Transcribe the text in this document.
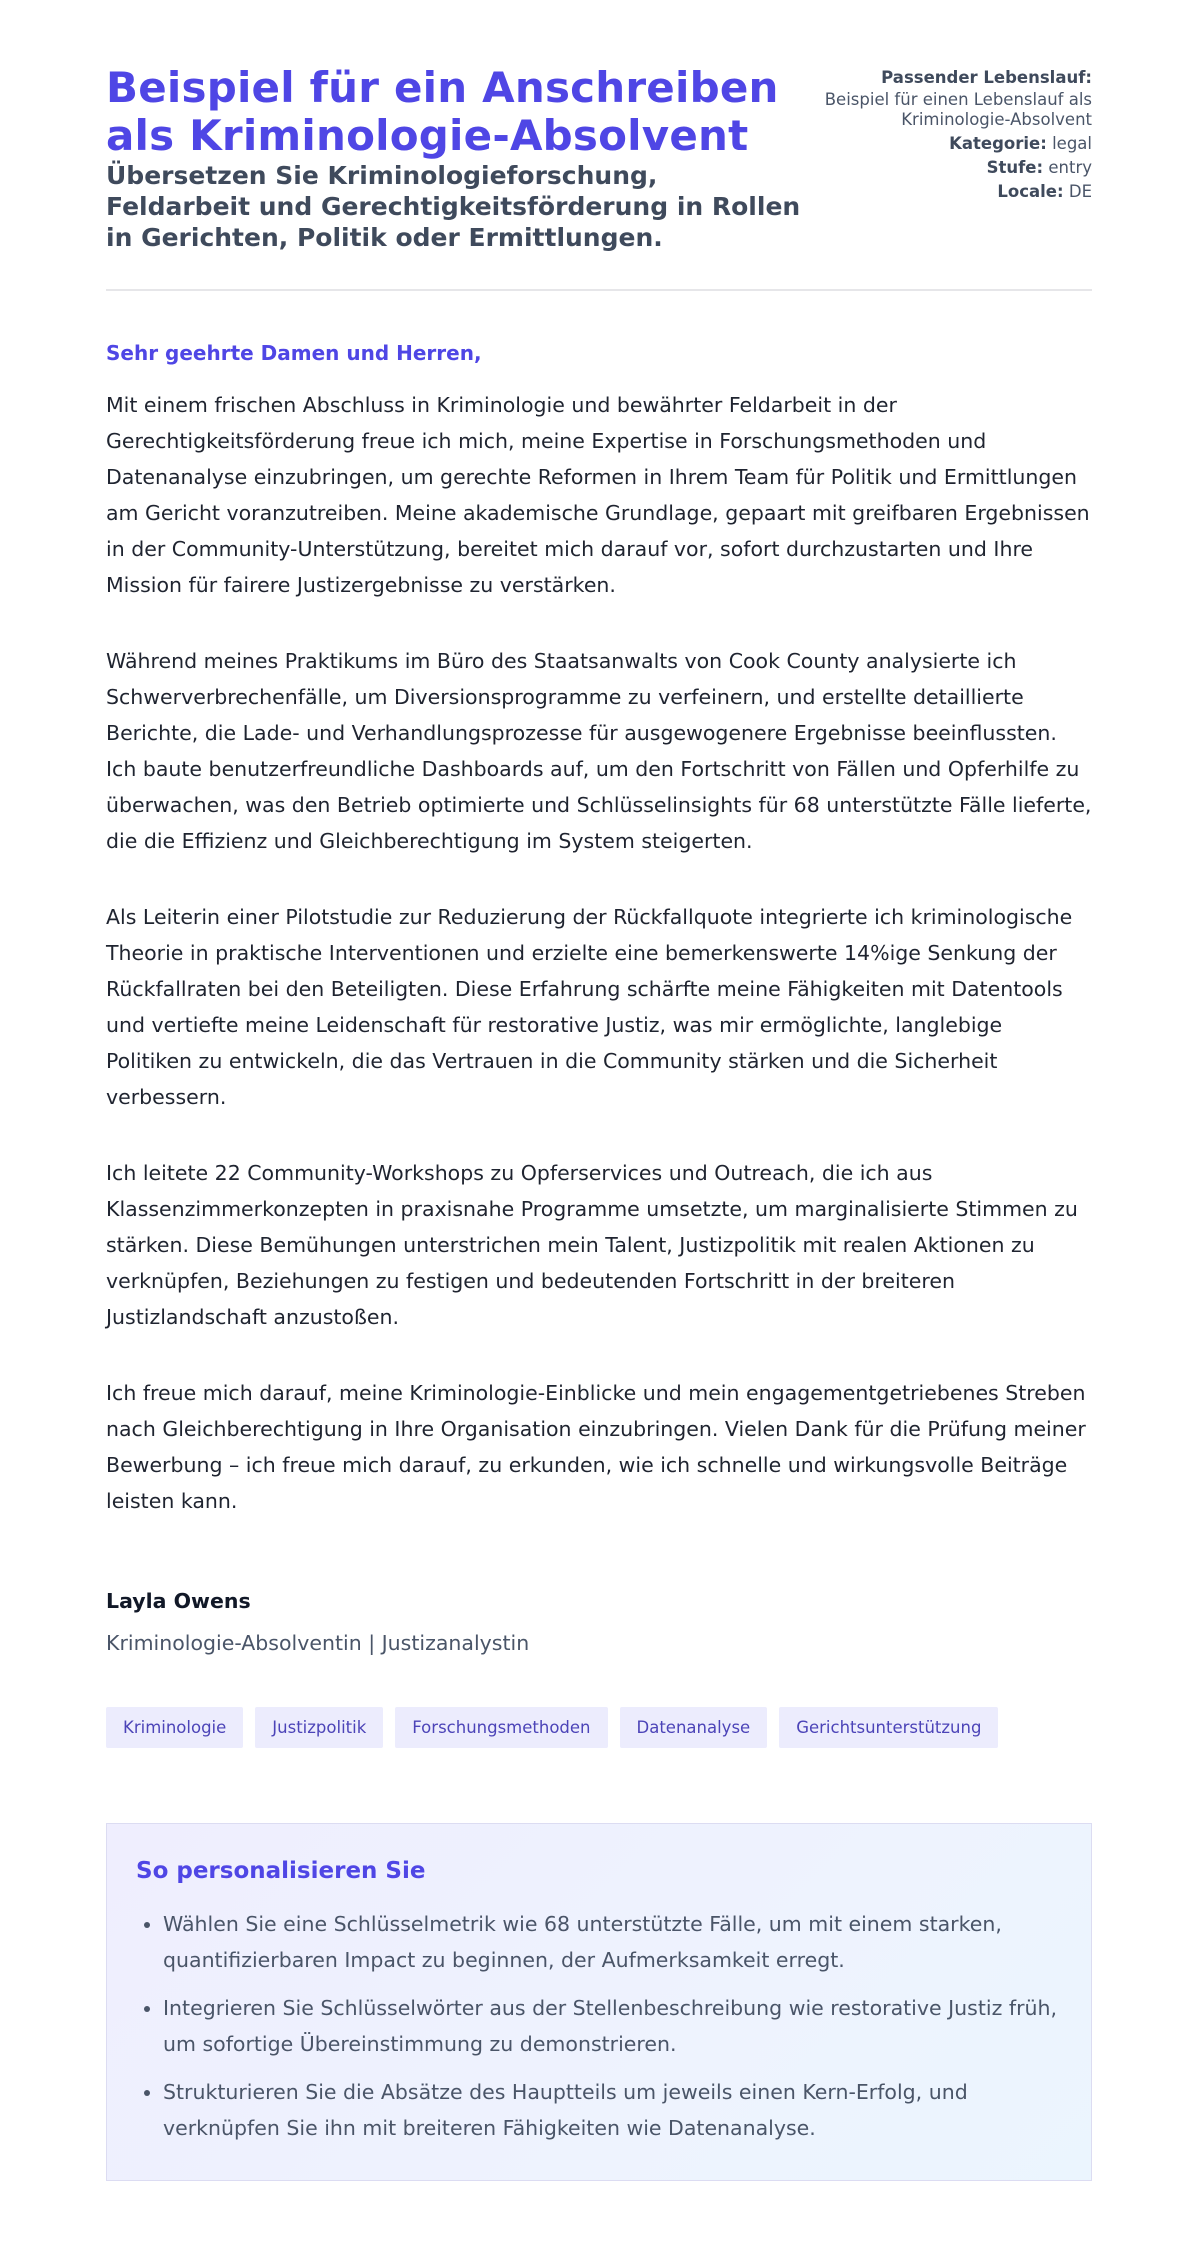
Beispiel für ein Anschreiben als Kriminologie-Absolvent

Übersetzen Sie Kriminologieforschung, Feldarbeit und Gerechtigkeitsförderung in Rollen in Gerichten, Politik oder Ermittlungen.

Passender Lebenslauf:
Beispiel für einen Lebenslauf als Kriminologie-Absolvent
Kategorie: legal
Stufe: entry
Locale: DE

Sehr geehrte Damen und Herren,

Mit einem frischen Abschluss in Kriminologie und bewährter Feldarbeit in der Gerechtigkeitsförderung freue ich mich, meine Expertise in Forschungsmethoden und Datenanalyse einzubringen, um gerechte Reformen in Ihrem Team für Politik und Ermittlungen am Gericht voranzutreiben. Meine akademische Grundlage, gepaart mit greifbaren Ergebnissen in der Community-Unterstützung, bereitet mich darauf vor, sofort durchzustarten und Ihre Mission für fairere Justizergebnisse zu verstärken.

Während meines Praktikums im Büro des Staatsanwalts von Cook County analysierte ich Schwerverbrechenfälle, um Diversionsprogramme zu verfeinern, und erstellte detaillierte Berichte, die Lade- und Verhandlungsprozesse für ausgewogenere Ergebnisse beeinflussten. Ich baute benutzerfreundliche Dashboards auf, um den Fortschritt von Fällen und Opferhilfe zu überwachen, was den Betrieb optimierte und Schlüsselinsights für 68 unterstützte Fälle lieferte, die die Effizienz und Gleichberechtigung im System steigerten.

Als Leiterin einer Pilotstudie zur Reduzierung der Rückfallquote integrierte ich kriminologische Theorie in praktische Interventionen und erzielte eine bemerkenswerte 14%ige Senkung der Rückfallraten bei den Beteiligten. Diese Erfahrung schärfte meine Fähigkeiten mit Datentools und vertiefte meine Leidenschaft für restorative Justiz, was mir ermöglichte, langlebige Politiken zu entwickeln, die das Vertrauen in die Community stärken und die Sicherheit verbessern.

Ich leitete 22 Community-Workshops zu Opferservices und Outreach, die ich aus Klassenzimmerkonzepten in praxisnahe Programme umsetzte, um marginalisierte Stimmen zu stärken. Diese Bemühungen unterstrichen mein Talent, Justizpolitik mit realen Aktionen zu verknüpfen, Beziehungen zu festigen und bedeutenden Fortschritt in der breiteren Justizlandschaft anzustoßen.

Ich freue mich darauf, meine Kriminologie-Einblicke und mein engagementgetriebenes Streben nach Gleichberechtigung in Ihre Organisation einzubringen. Vielen Dank für die Prüfung meiner Bewerbung – ich freue mich darauf, zu erkunden, wie ich schnelle und wirkungsvolle Beiträge leisten kann.

Layla Owens
Kriminologie-Absolventin | Justizanalystin
Kriminologie	Justizpolitik	Forschungsmethoden	Datenanalyse	Gerichtsunterstützung
So personalisieren Sie
• Wählen Sie eine Schlüsselmetrik wie 68 unterstützte Fälle, um mit einem starken, quantifizierbaren Impact zu beginnen, der Aufmerksamkeit erregt.
• Integrieren Sie Schlüsselwörter aus der Stellenbeschreibung wie restorative Justiz früh, um sofortige Übereinstimmung zu demonstrieren.
• Strukturieren Sie die Absätze des Hauptteils um jeweils einen Kern-Erfolg, und verknüpfen Sie ihn mit breiteren Fähigkeiten wie Datenanalyse.
